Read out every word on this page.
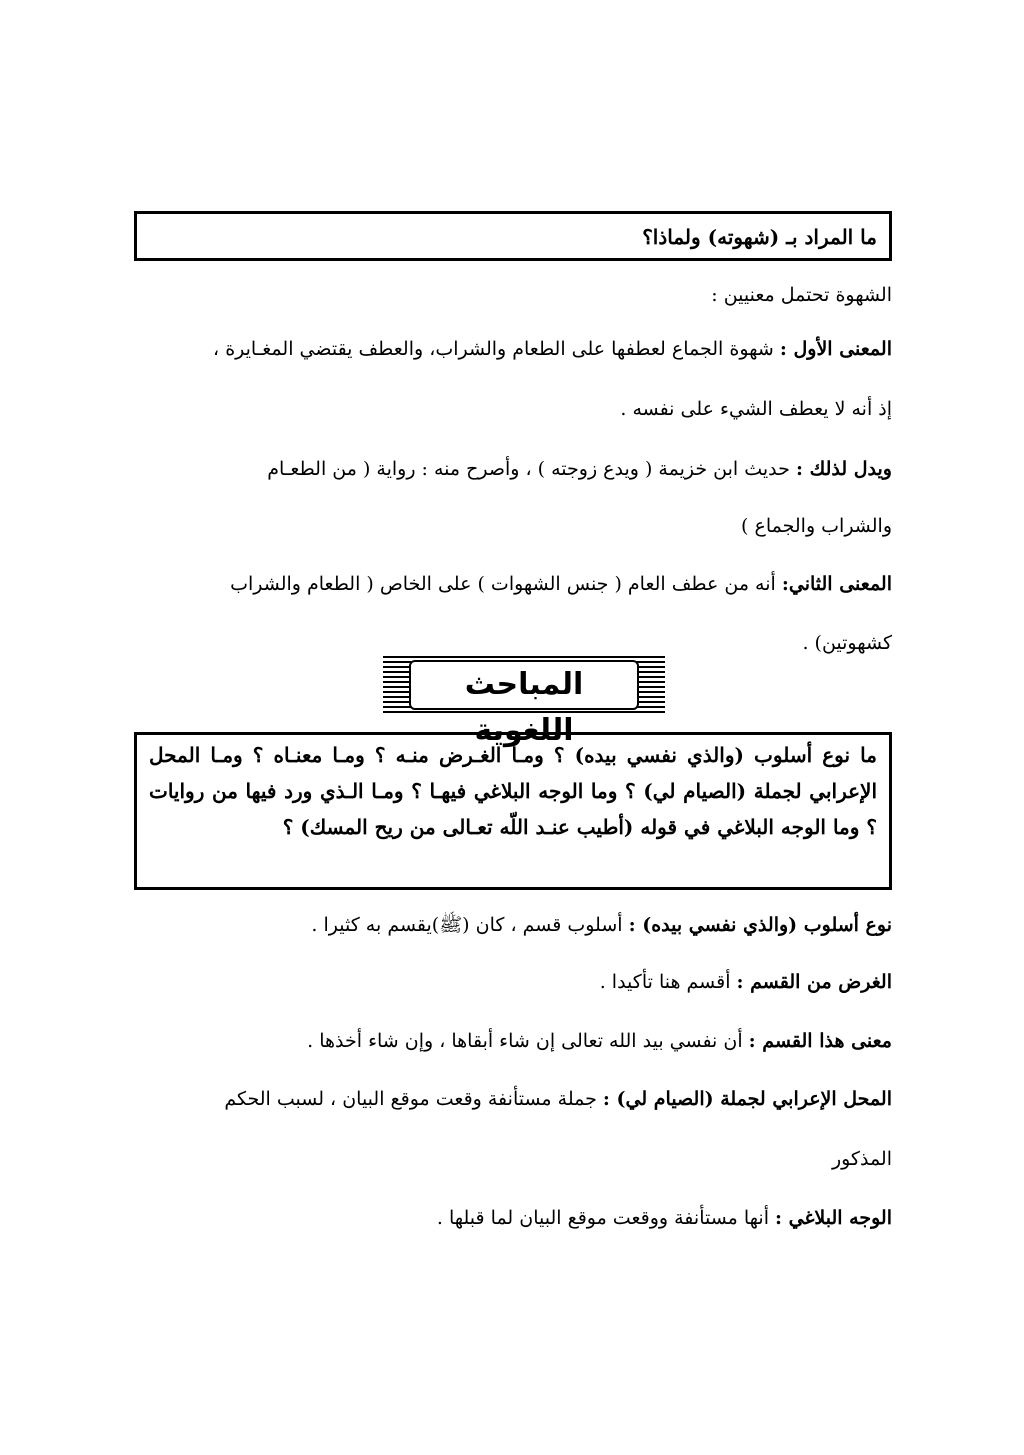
ما المراد بـ (شهوته) ولماذا؟
الشهوة تحتمل معنيين :
المعنى الأول : شهوة الجماع لعطفها على الطعام والشراب، والعطف يقتضي المغـايرة ،
إذ أنه لا يعطف الشيء على نفسه .
ويدل لذلك : حديث ابن خزيمة ( ويدع زوجته ) ، وأصرح منه : رواية ( من الطعـام
والشراب والجماع )
المعنى الثاني: أنه من عطف العام ( جنس الشهوات ) على الخاص ( الطعام والشراب
كشهوتين) .
المباحث اللغوية
ما نوع أسلوب (والذي نفسي بيده) ؟ ومـا الغـرض منـه ؟ ومـا معنـاه ؟ ومـا المحل الإعرابي لجملة (الصيام لي) ؟ وما الوجه البلاغي فيهـا ؟ ومـا الـذي ورد فيها من روايات ؟ وما الوجه البلاغي في قوله (أطيب عنـد اللّه تعـالى من ريح المسك) ؟
نوع أسلوب (والذي نفسي بيده) : أسلوب قسم ، كان (ﷺ)يقسم به كثيرا .
الغرض من القسم : أقسم هنا تأكيدا .
معنى هذا القسم : أن نفسي بيد الله تعالى إن شاء أبقاها ، وإن شاء أخذها .
المحل الإعرابي لجملة (الصيام لي) : جملة مستأنفة وقعت موقع البيان ، لسبب الحكم
المذكور
الوجه البلاغي : أنها مستأنفة ووقعت موقع البيان لما قبلها .
